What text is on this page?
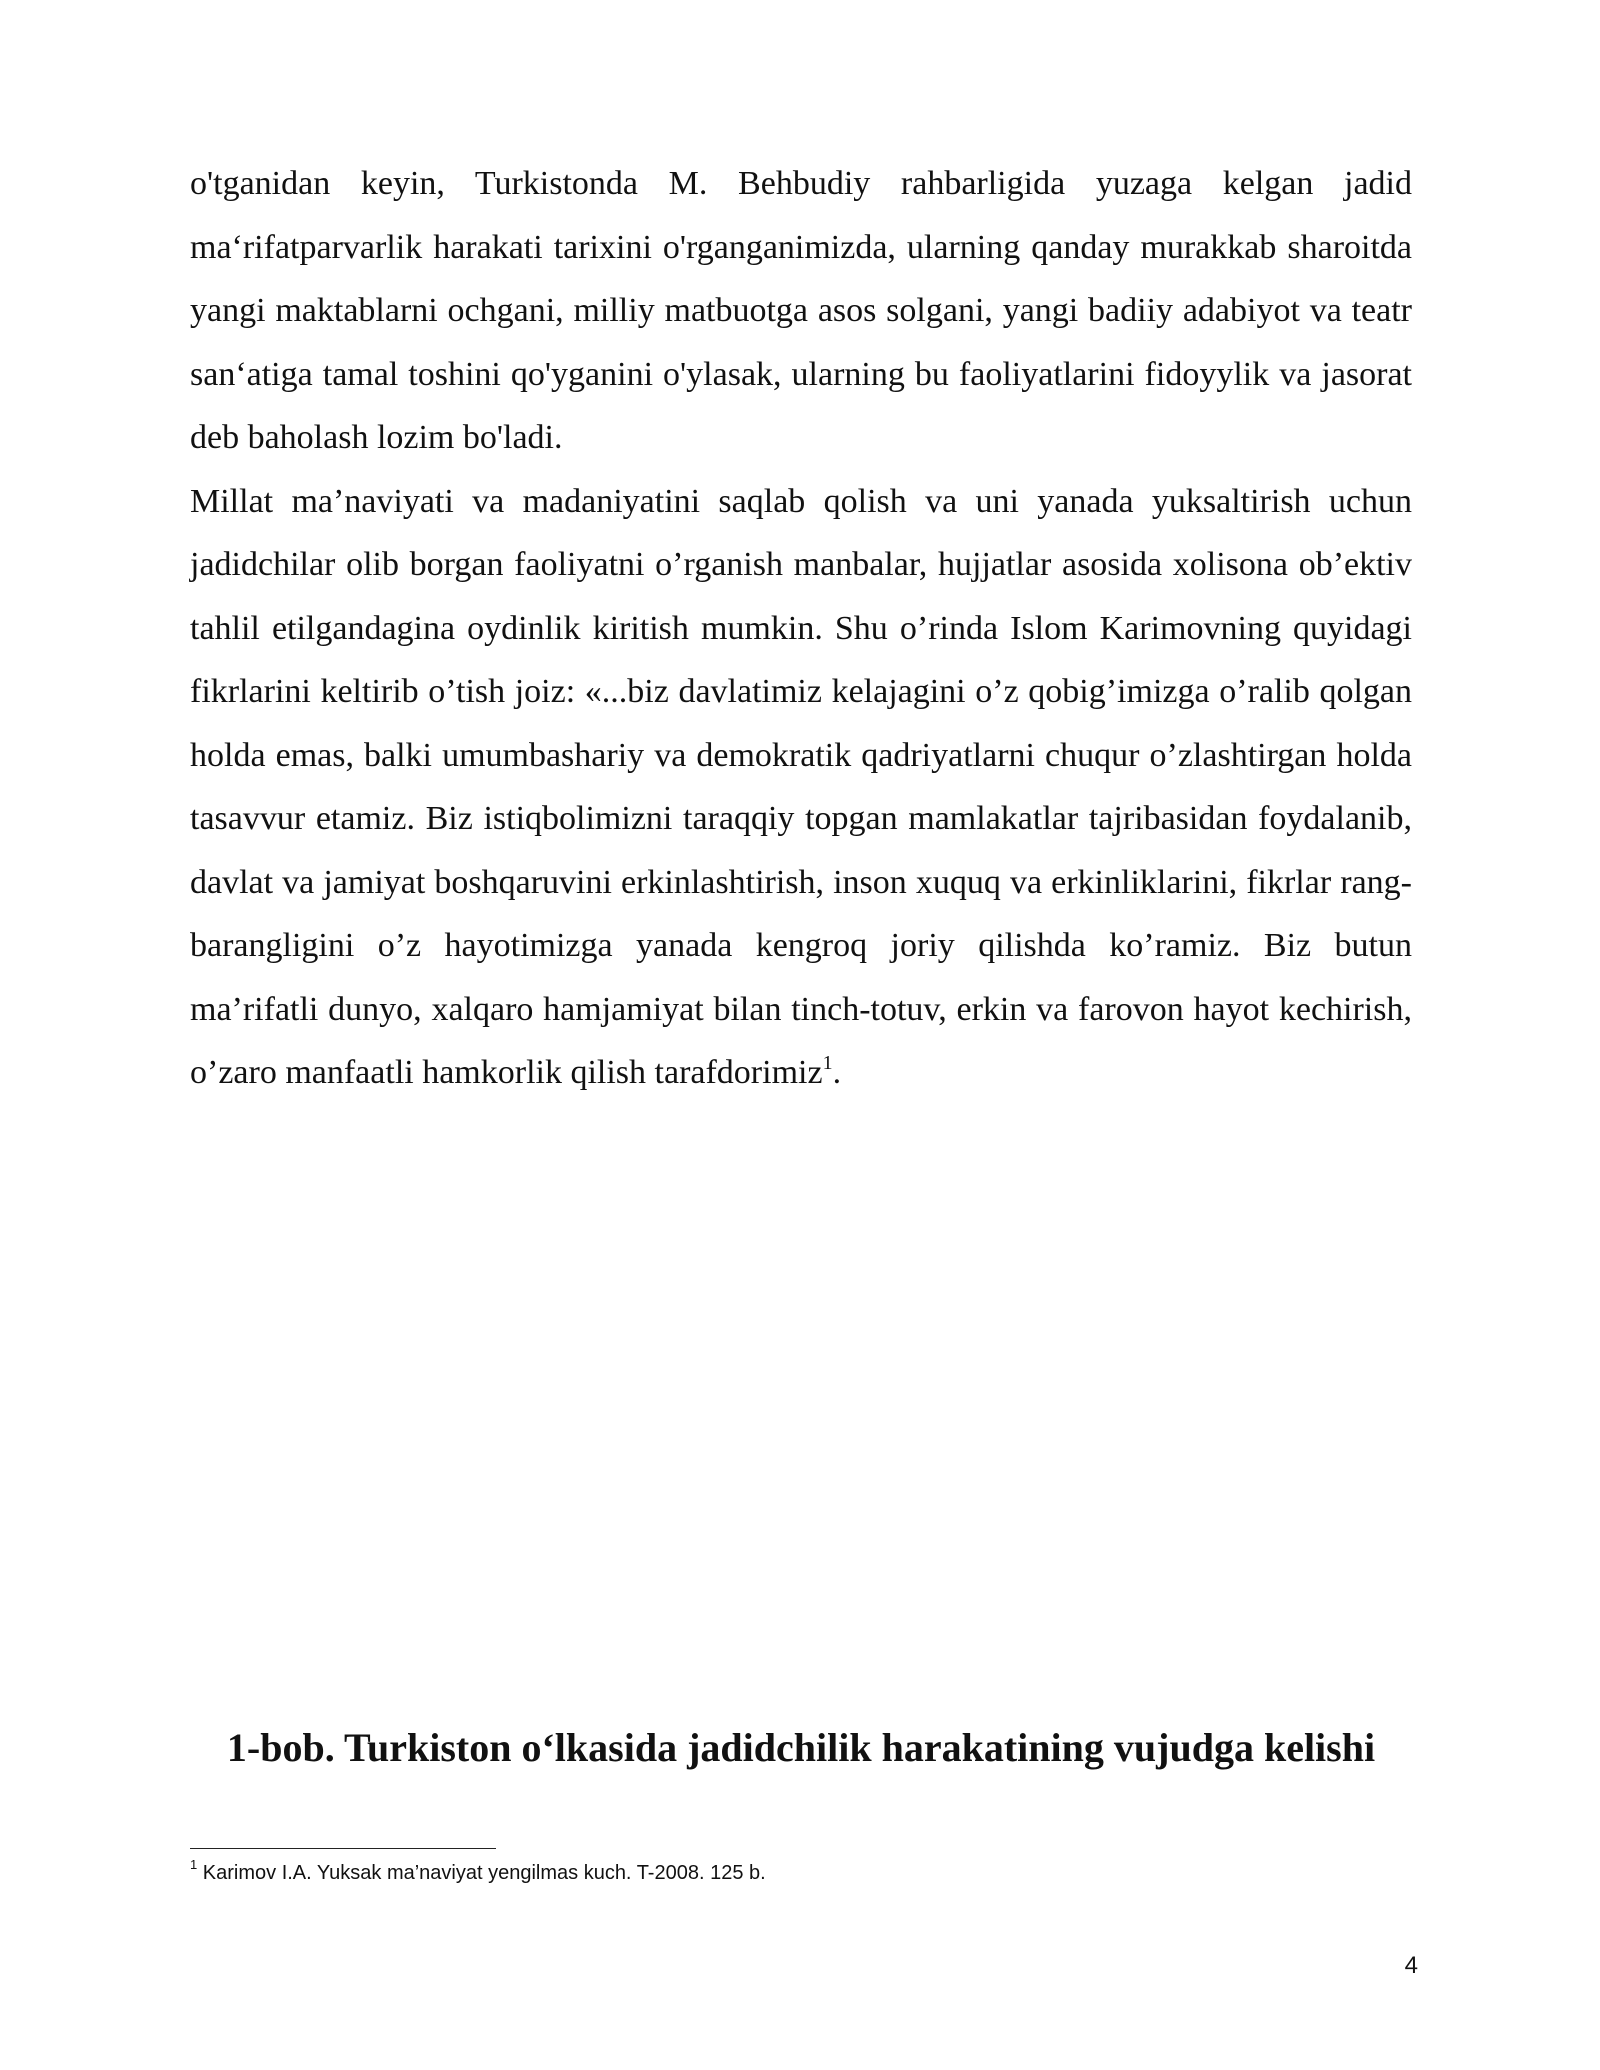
o'tganidan keyin, Turkistonda M. Behbudiy rahbarligida yuzaga kelgan jadid ma‘rifatparvarlik harakati tarixini o'rganganimizda, ularning qanday murakkab sharoitda yangi maktablarni ochgani, milliy matbuotga asos solgani, yangi badiiy adabiyot va teatr san‘atiga tamal toshini qo'yganini o'ylasak, ularning bu faoliyatlarini fidoyylik va jasorat deb baholash lozim bo'ladi.

Millat ma’naviyati va madaniyatini saqlab qolish va uni yanada yuksaltirish uchun jadidchilar olib borgan faoliyatni o’rganish manbalar, hujjatlar asosida xolisona ob’ektiv tahlil etilgandagina oydinlik kiritish mumkin. Shu o’rinda Islom Karimovning quyidagi fikrlarini keltirib o’tish joiz: «...biz davlatimiz kelajagini o’z qobig’imizga o’ralib qolgan holda emas, balki umumbashariy va demokratik qadriyatlarni chuqur o’zlashtirgan holda tasavvur etamiz. Biz istiqbolimizni taraqqiy topgan mamlakatlar tajribasidan foydalanib, davlat va jamiyat boshqaruvini erkinlashtirish, inson xuquq va erkinliklarini, fikrlar rang-barangligini o’z hayotimizga yanada kengroq joriy qilishda ko’ramiz. Biz butun ma’rifatli dunyo, xalqaro hamjamiyat bilan tinch-totuv, erkin va farovon hayot kechirish, o’zaro manfaatli hamkorlik qilish tarafdorimiz$^1$.

1-bob. Turkiston o‘lkasida jadidchilik harakatining vujudga kelishi
$^1$ Karimov I.A. Yuksak ma’naviyat yengilmas kuch. T-2008. 125 b.
4
